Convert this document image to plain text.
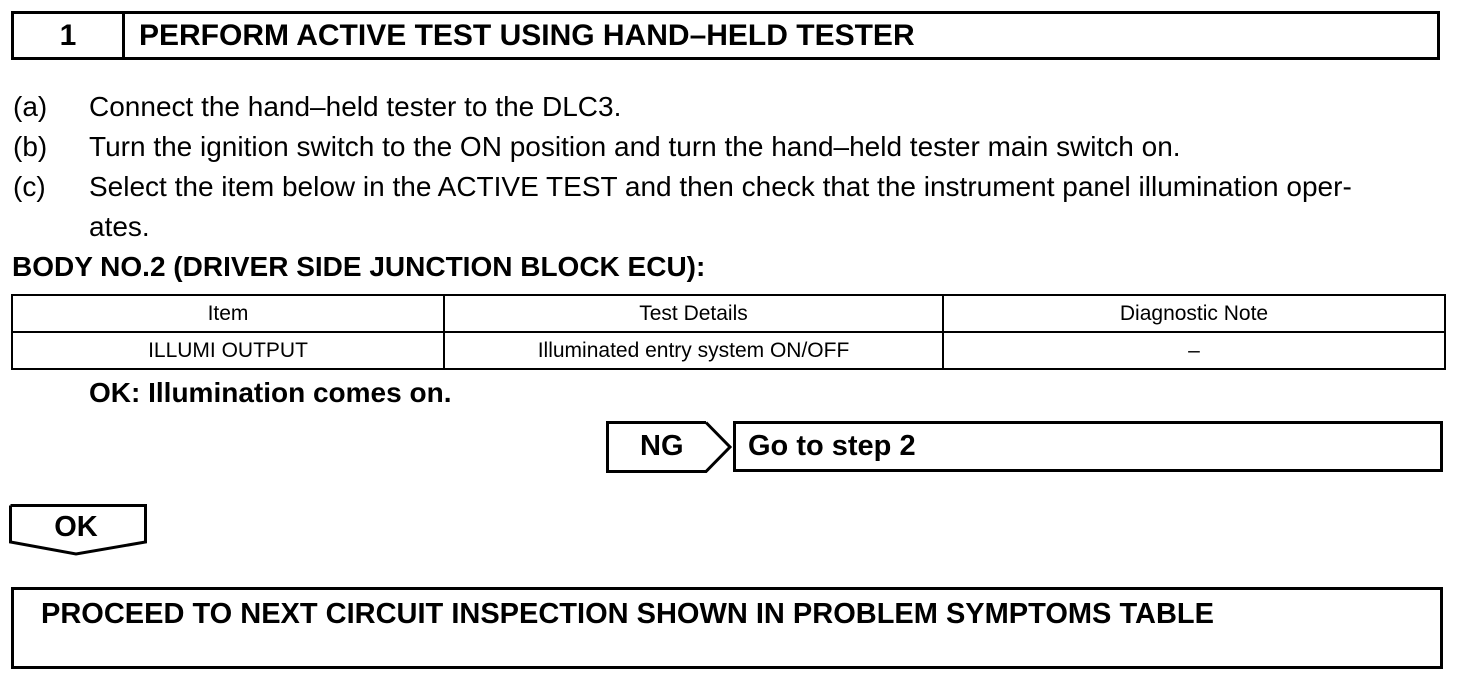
1	PERFORM ACTIVE TEST USING HAND–HELD TESTER
(a) Connect the hand–held tester to the DLC3.
(b) Turn the ignition switch to the ON position and turn the hand–held tester main switch on.
(c) Select the item below in the ACTIVE TEST and then check that the instrument panel illumination oper-
ates.
BODY NO.2 (DRIVER SIDE JUNCTION BLOCK ECU):
Item	Test Details	Diagnostic Note
ILLUMI OUTPUT	Illuminated entry system ON/OFF	–
OK: Illumination comes on.
NG Go to step 2
OK
PROCEED TO NEXT CIRCUIT INSPECTION SHOWN IN PROBLEM SYMPTOMS TABLE
